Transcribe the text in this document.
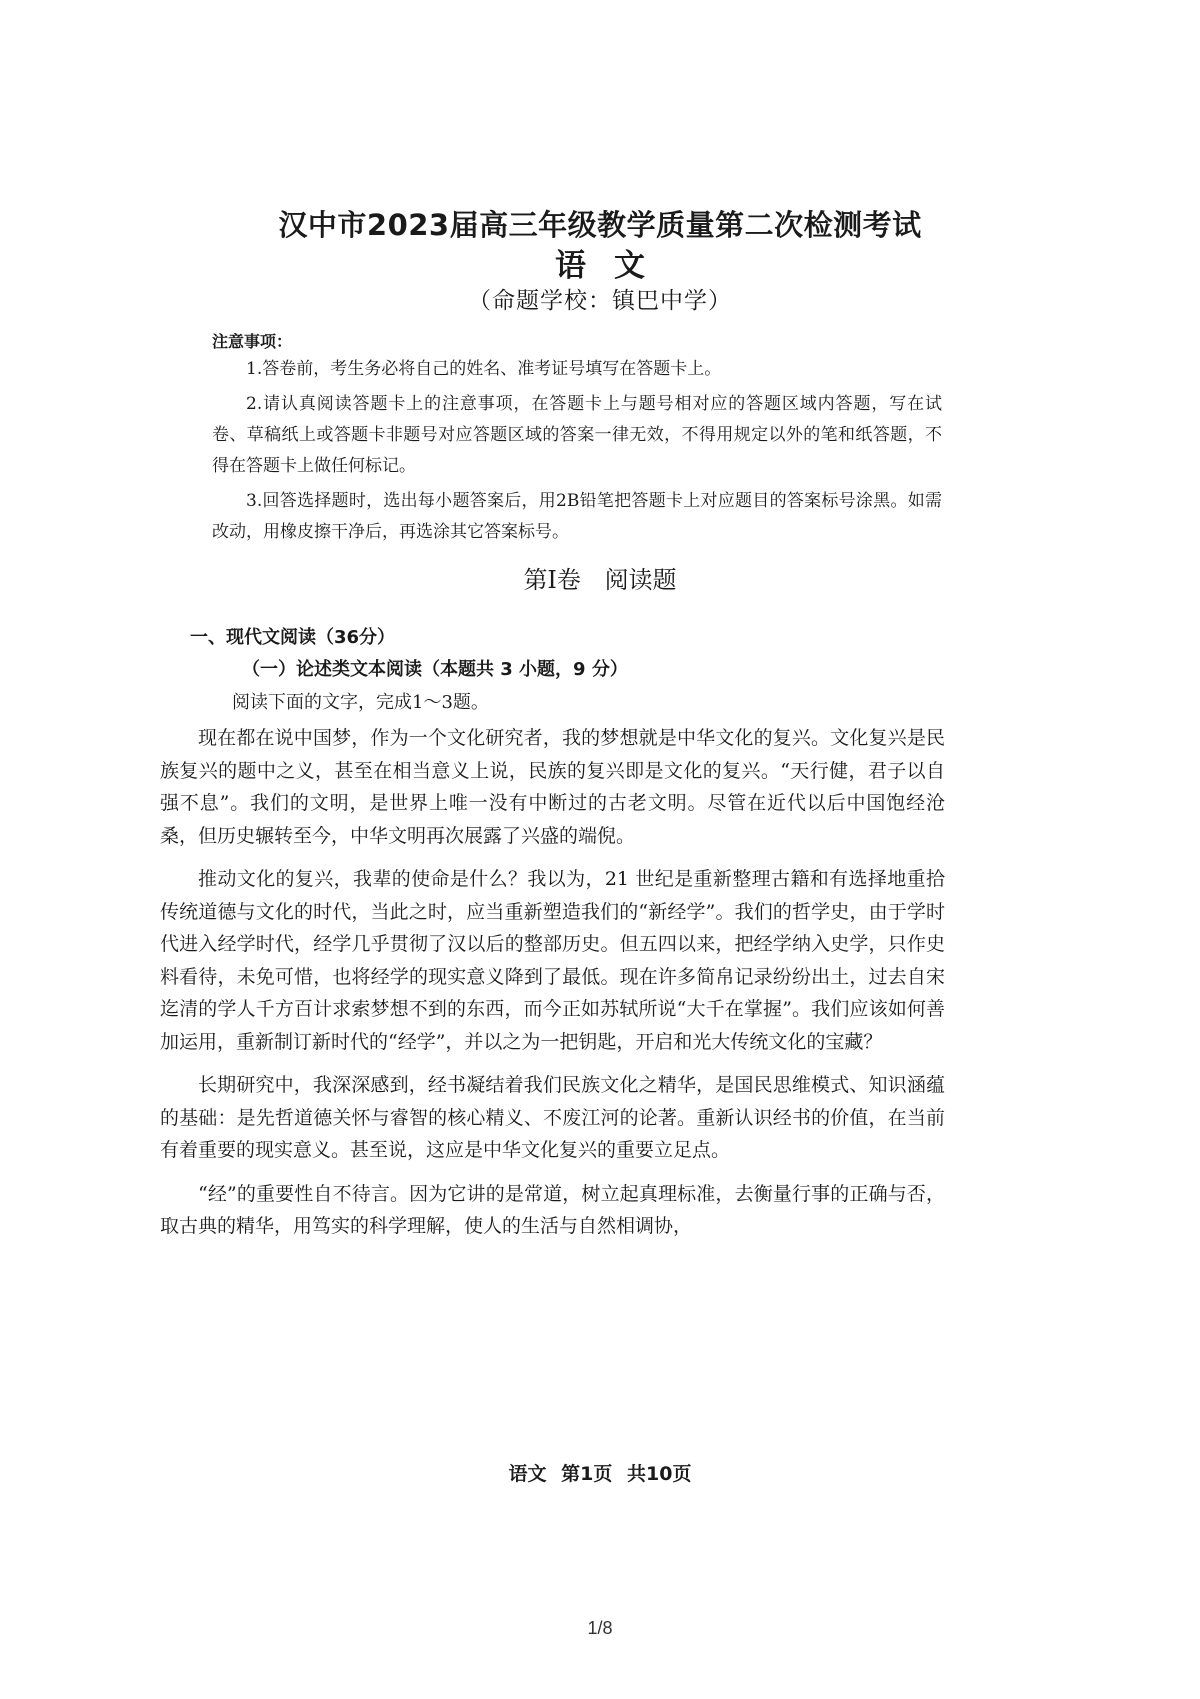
汉中市2023届高三年级教学质量第二次检测考试
语文
（命题学校：镇巴中学）
注意事项：

1.答卷前，考生务必将自己的姓名、准考证号填写在答题卡上。

2.请认真阅读答题卡上的注意事项，在答题卡上与题号相对应的答题区域内答题，写在试卷、草稿纸上或答题卡非题号对应答题区域的答案一律无效，不得用规定以外的笔和纸答题，不得在答题卡上做任何标记。

3.回答选择题时，选出每小题答案后，用2B铅笔把答题卡上对应题目的答案标号涂黑。如需改动，用橡皮擦干净后，再选涂其它答案标号。

第I卷 阅读题
一、现代文阅读（36分）
（一）论述类文本阅读（本题共 3 小题，9 分）
阅读下面的文字，完成1～3题。

现在都在说中国梦，作为一个文化研究者，我的梦想就是中华文化的复兴。文化复兴是民族复兴的题中之义，甚至在相当意义上说，民族的复兴即是文化的复兴。“天行健，君子以自强不息”。我们的文明，是世界上唯一没有中断过的古老文明。尽管在近代以后中国饱经沧桑，但历史辗转至今，中华文明再次展露了兴盛的端倪。

推动文化的复兴，我辈的使命是什么？我以为，21 世纪是重新整理古籍和有选择地重拾传统道德与文化的时代，当此之时，应当重新塑造我们的“新经学”。我们的哲学史，由于学时代进入经学时代，经学几乎贯彻了汉以后的整部历史。但五四以来，把经学纳入史学，只作史料看待，未免可惜，也将经学的现实意义降到了最低。现在许多简帛记录纷纷出土，过去自宋迄清的学人千方百计求索梦想不到的东西，而今正如苏轼所说“大千在掌握”。我们应该如何善加运用，重新制订新时代的“经学”，并以之为一把钥匙，开启和光大传统文化的宝藏？

长期研究中，我深深感到，经书凝结着我们民族文化之精华，是国民思维模式、知识涵蕴的基础：是先哲道德关怀与睿智的核心精义、不废江河的论著。重新认识经书的价值，在当前有着重要的现实意义。甚至说，这应是中华文化复兴的重要立足点。

“经”的重要性自不待言。因为它讲的是常道，树立起真理标准，去衡量行事的正确与否，取古典的精华，用笃实的科学理解，使人的生活与自然相调协，

语文 第1页 共10页
1/8
